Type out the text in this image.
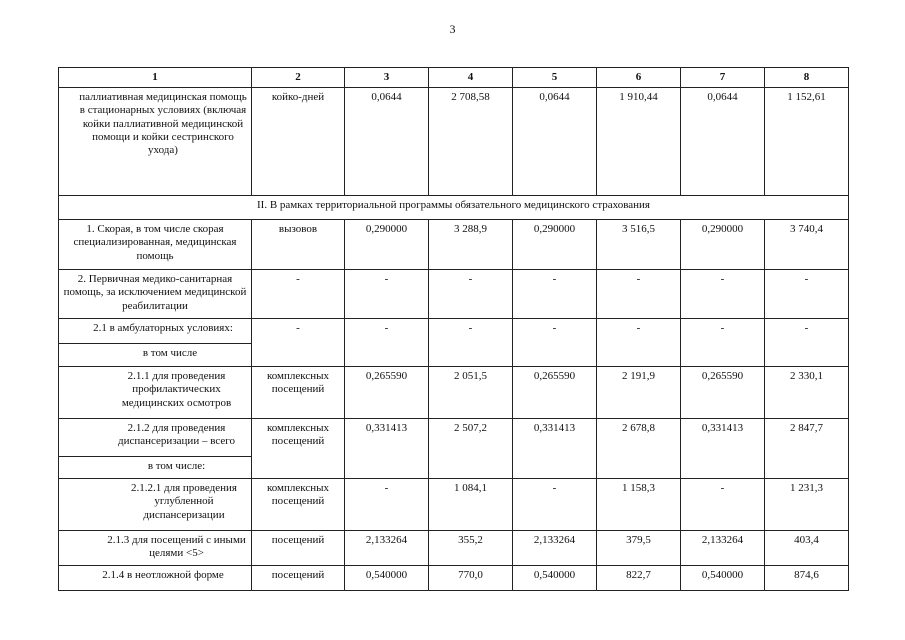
3
1	2	3	4	5	6	7	8
паллиативная медицинская помощь в стационарных условиях (включая койки паллиативной медицинской помощи и койки сестринского ухода)	койко-дней	0,0644	2 708,58	0,0644	1 910,44	0,0644	1 152,61
II. В рамках территориальной программы обязательного медицинского страхования							
1. Скорая, в том числе скорая специализированная, медицинская помощь	вызовов	0,290000	3 288,9	0,290000	3 516,5	0,290000	3 740,4
2. Первичная медико-санитарная помощь, за исключением медицинской реабилитации	-	-	-	-	-	-	-
2.1 в амбулаторных условиях:	-	-	-	-	-	-	-
в том числе							
2.1.1 для проведения профилактических медицинских осмотров	комплексных посещений	0,265590	2 051,5	0,265590	2 191,9	0,265590	2 330,1
2.1.2 для проведения диспансеризации – всего	комплексных посещений	0,331413	2 507,2	0,331413	2 678,8	0,331413	2 847,7
в том числе:							
2.1.2.1 для проведения углубленной диспансеризации	комплексных посещений	-	1 084,1	-	1 158,3	-	1 231,3
2.1.3 для посещений с иными целями <5>	посещений	2,133264	355,2	2,133264	379,5	2,133264	403,4
2.1.4 в неотложной форме	посещений	0,540000	770,0	0,540000	822,7	0,540000	874,6
